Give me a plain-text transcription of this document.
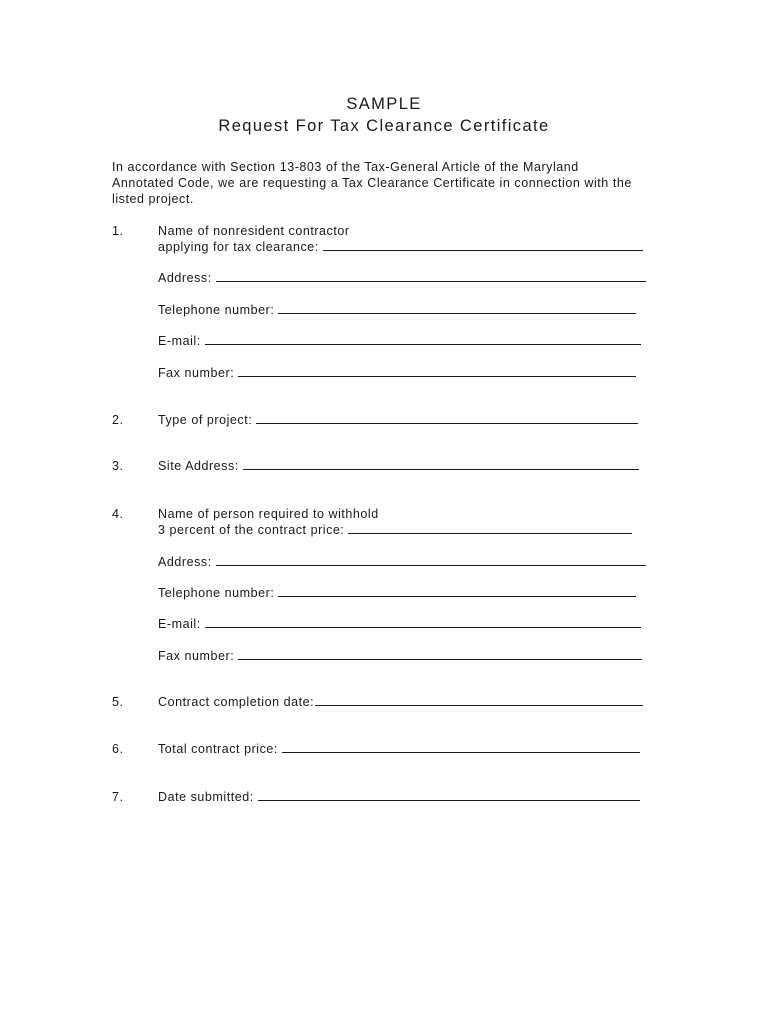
SAMPLE
Request For Tax Clearance Certificate
In accordance with Section 13-803 of the Tax-General Article of the Maryland
Annotated Code, we are requesting a Tax Clearance Certificate in connection with the
listed project.
1.	Name of nonresident contractor
applying for tax clearance:
Address:
Telephone number:
E-mail:
Fax number:
2.	Type of project:
3.	Site Address:
4.	Name of person required to withhold
3 percent of the contract price:
Address:
Telephone number:
E-mail:
Fax number:
5.	Contract completion date:
6.	Total contract price:
7.	Date submitted:
